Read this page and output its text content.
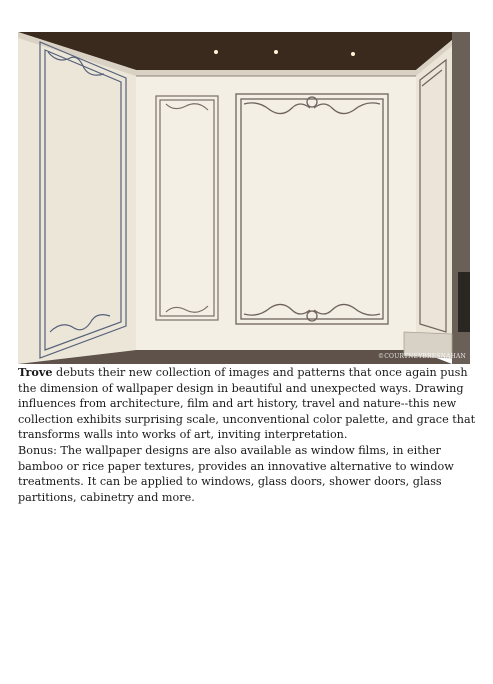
©COURTNEYBRESNAHAN

Trove debuts their new collection of images and patterns that once again push the dimension of wallpaper design in beautiful and unexpected ways. Drawing influences from architecture, film and art history, travel and nature--this new collection exhibits surprising scale, unconventional color palette, and grace that transforms walls into works of art, inviting interpretation.

Bonus: The wallpaper designs are also available as window films, in either bamboo or rice paper textures, provides an innovative alternative to window treatments. It can be applied to windows, glass doors, shower doors, glass partitions, cabinetry and more.
